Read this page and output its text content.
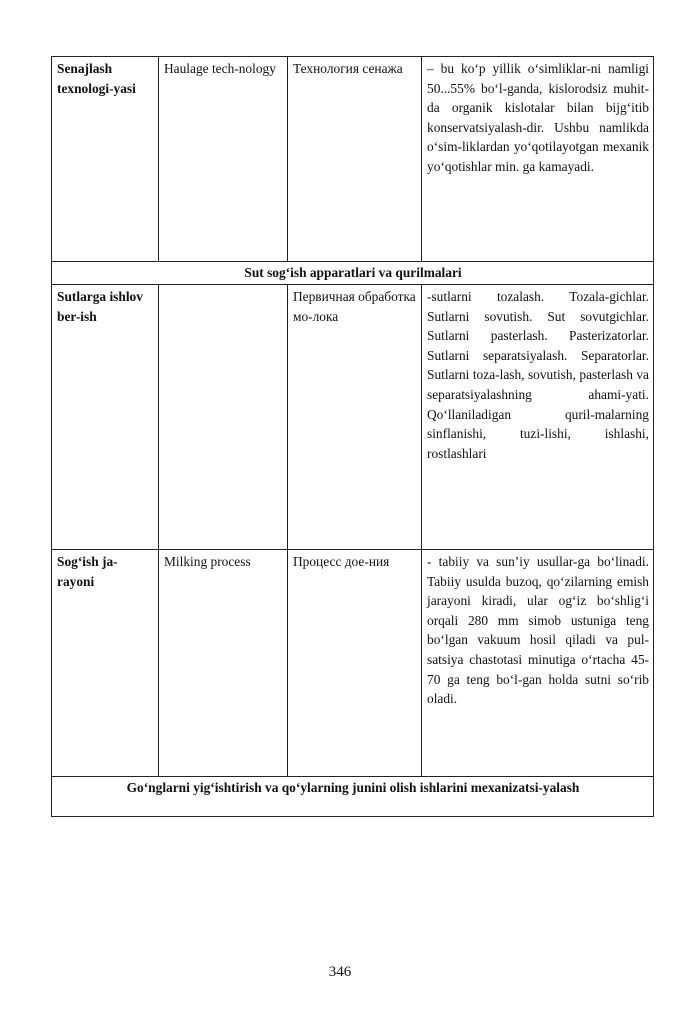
Senajlash texnologi-yasi	Haulage tech-nology	Технология сенажа	– bu ko‘p yillik o‘simliklar-ni namligi 50...55% bo‘l-ganda, kislorodsiz muhit-da organik kislotalar bilan bijg‘itib konservatsiyalash-dir. Ushbu namlikda o‘sim-liklardan yo‘qotilayotgan mexanik yo‘qotishlar min. ga kamayadi.
Sut sog‘ish apparatlari va qurilmalari			
Sutlarga ishlov ber-ish		Первичная обработка мо-лока	-sutlarni tozalash. Tozala-gichlar. Sutlarni sovutish. Sut sovutgichlar. Sutlarni pasterlash. Pasterizatorlar. Sutlarni separatsiyalash. Separatorlar. Sutlarni toza-lash, sovutish, pasterlash va separatsiyalashning ahami-yati. Qo‘llaniladigan quril-malarning sinflanishi, tuzi-lishi, ishlashi, rostlashlari
Sog‘ish ja-rayoni	Milking process	Процесс дое-ния	- tabiiy va sun’iy usullar-ga bo‘linadi. Tabiiy usulda buzoq, qo‘zilarning emish jarayoni kiradi, ular og‘iz bo‘shlig‘i orqali 280 mm simob ustuniga teng bo‘lgan vakuum hosil qiladi va pul-satsiya chastotasi minutiga o‘rtacha 45-70 ga teng bo‘l-gan holda sutni so‘rib oladi.
Go‘nglarni yig‘ishtirish va qo‘ylarning junini olish ishlarini mexanizatsi-yalash			
346
